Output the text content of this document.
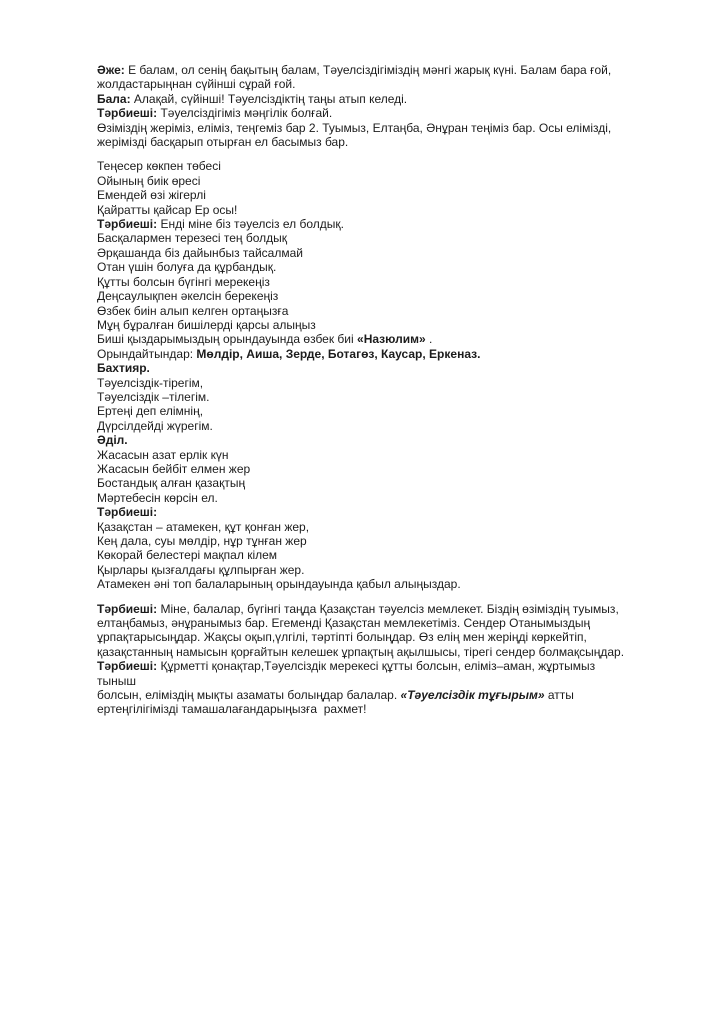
Әже: Е балам, ол сенің бақытың балам, Тәуелсіздігіміздің мәнгі жарық күні. Балам бара ғой,
жолдастарыңнан сүйінші сұрай ғой.
Бала: Алақай, сүйінші! Тәуелсіздіктің таңы атып келеді.
Тәрбиеші: Тәуелсіздігіміз мәңгілік болғай.
Өзіміздің жеріміз, еліміз, теңгеміз бар 2. Туымыз, Елтаңба, Әнұран теңіміз бар. Осы елімізді,
жерімізді басқарып отырған ел басымыз бар.
Теңесер көкпен төбесі
Ойының биік өресі
Емендей өзі жігерлі
Қайратты қайсар Ер осы!
Тәрбиеші: Енді міне біз тәуелсіз ел болдық.
Басқалармен терезесі тең болдық
Әрқашанда біз дайынбыз тайсалмай
Отан үшін болуға да құрбандық.
Құтты болсын бүгінгі мерекеңіз
Деңсаулықпен әкелсін берекеңіз
Өзбек биін алып келген ортаңызға
Мұң бұралған бишілерді қарсы алыңыз
Биші қыздарымыздың орындауында өзбек биі «Назюлим» .
Орындайтындар: Мөлдір, Аиша, Зерде, Ботагөз, Каусар, Еркеназ.
Бахтияр.
Тәуелсіздік-тірегім,
Тәуелсіздік –тілегім.
Ертеңі деп елімнің,
Дүрсілдейді жүрегім.
Әділ.
Жасасын азат ерлік күн
Жасасын бейбіт елмен жер
Бостандық алған қазақтың
Мәртебесін көрсін ел.
Тәрбиеші:
Қазақстан – атамекен, құт қонған жер,
Кең дала, суы мөлдір, нұр тұнған жер
Көкорай белестері мақпал кілем
Қырлары қызғалдағы құлпырған жер.
Атамекен әні топ балаларының орындауында қабыл алыңыздар.
Тәрбиеші: Міне, балалар, бүгінгі таңда Қазақстан тәуелсіз мемлекет. Біздің өзіміздің туымыз,
елтаңбамыз, әнұранымыз бар. Егеменді Қазақстан мемлекетіміз. Сендер Отанымыздың
ұрпақтарысыңдар. Жақсы оқып,үлгілі, тәртіпті болыңдар. Өз елің мен жеріңді көркейтіп,
қазақстанның намысын қорғайтын келешек ұрпақтың ақылшысы, тірегі сендер болмақсыңдар.
Тәрбиеші: Құрметті қонақтар,Тәуелсіздік мерекесі құтты болсын, еліміз–аман, жұртымыз тыныш
болсын, еліміздің мықты азаматы болыңдар балалар. «Тәуелсіздік тұғырым» атты
ертеңгілігімізді тамашалағандарыңызға  рахмет!
